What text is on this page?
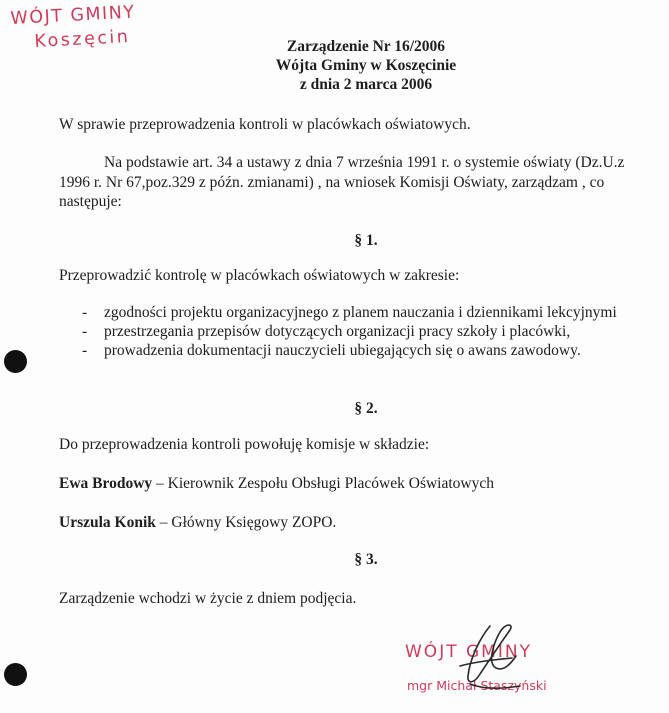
WÓJT GMINY
Koszęcin	Zarządzenie Nr 16/2006
Wójta Gminy w Koszęcinie
z dnia 2 marca 2006
W sprawie przeprowadzenia kontroli w placówkach oświatowych.
Na podstawie art. 34 a ustawy z dnia 7 września 1991 r. o systemie oświaty (Dz.U.z
1996 r. Nr 67,poz.329 z późn. zmianami) , na wniosek Komisji Oświaty, zarządzam , co
następuje:
§ 1.
Przeprowadzić kontrolę w placówkach oświatowych w zakresie:
- zgodności projektu organizacyjnego z planem nauczania i dziennikami lekcyjnymi
- przestrzegania przepisów dotyczących organizacji pracy szkoły i placówki,
- prowadzenia dokumentacji nauczycieli ubiegających się o awans zawodowy.
§ 2.
Do przeprowadzenia kontroli powołuję komisje w składzie:
Ewa Brodowy – Kierownik Zespołu Obsługi Placówek Oświatowych
Urszula Konik – Główny Księgowy ZOPO.
§ 3.
Zarządzenie wchodzi w życie z dniem podjęcia.
WÓJT GMINY
mgr Michał Staszyński
